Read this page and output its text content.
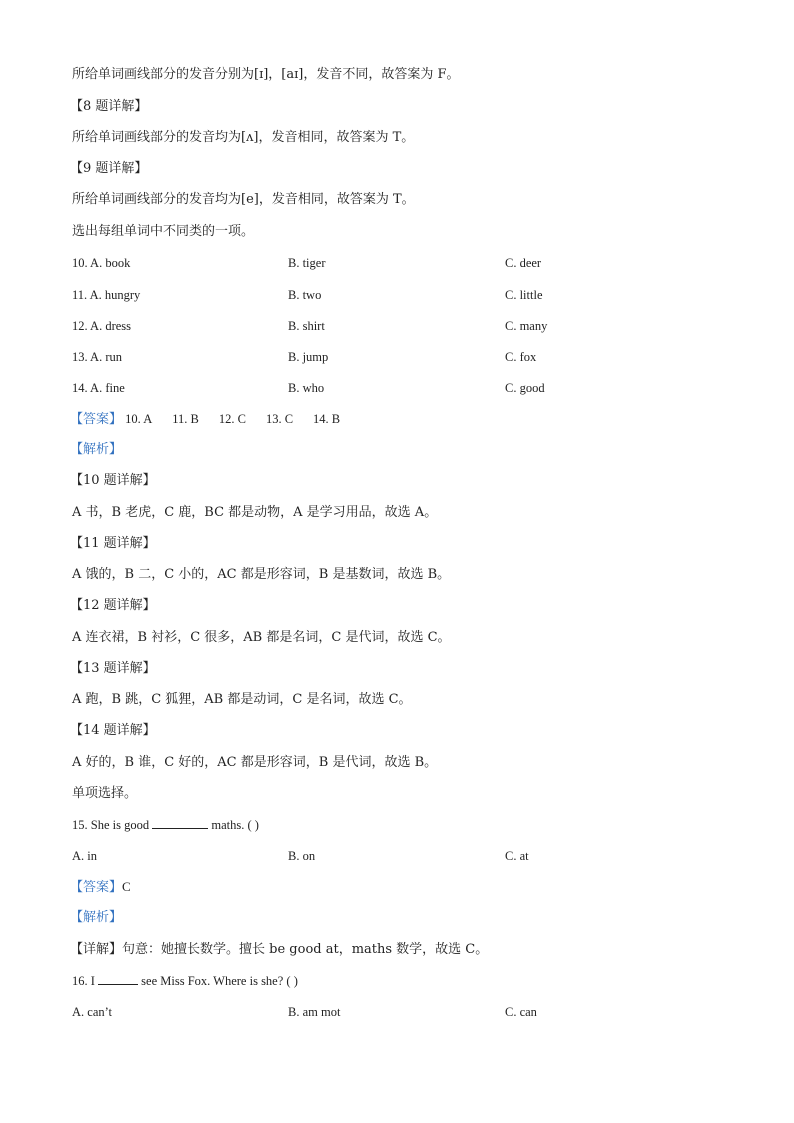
所给单词画线部分的发音分别为[ɪ]，[aɪ]，发音不同，故答案为 F。
【8 题详解】
所给单词画线部分的发音均为[ʌ]，发音相同，故答案为 T。
【9 题详解】
所给单词画线部分的发音均为[e]，发音相同，故答案为 T。
选出每组单词中不同类的一项。
10. A. book	B. tiger	C. deer
11. A. hungry	B. two	C. little
12. A. dress	B. shirt	C. many
13. A. run	B. jump	C. fox
14. A. fine	B. who	C. good
【答案】 10. A 11. B 12. C 13. C 14. B
【解析】
【10 题详解】
A 书，B 老虎，C 鹿，BC 都是动物，A 是学习用品，故选 A。
【11 题详解】
A 饿的，B 二，C 小的，AC 都是形容词，B 是基数词，故选 B。
【12 题详解】
A 连衣裙，B 衬衫，C 很多，AB 都是名词，C 是代词，故选 C。
【13 题详解】
A 跑，B 跳，C 狐狸，AB 都是动词，C 是名词，故选 C。
【14 题详解】
A 好的，B 谁，C 好的，AC 都是形容词，B 是代词，故选 B。
单项选择。
15. She is good	maths. ( )
A. in	B. on	C. at
【答案】C
【解析】
【详解】句意：她擅长数学。擅长 be good at，maths 数学，故选 C。
16. I	see Miss Fox. Where is she? ( )
A. can’t	B. am mot	C. can
